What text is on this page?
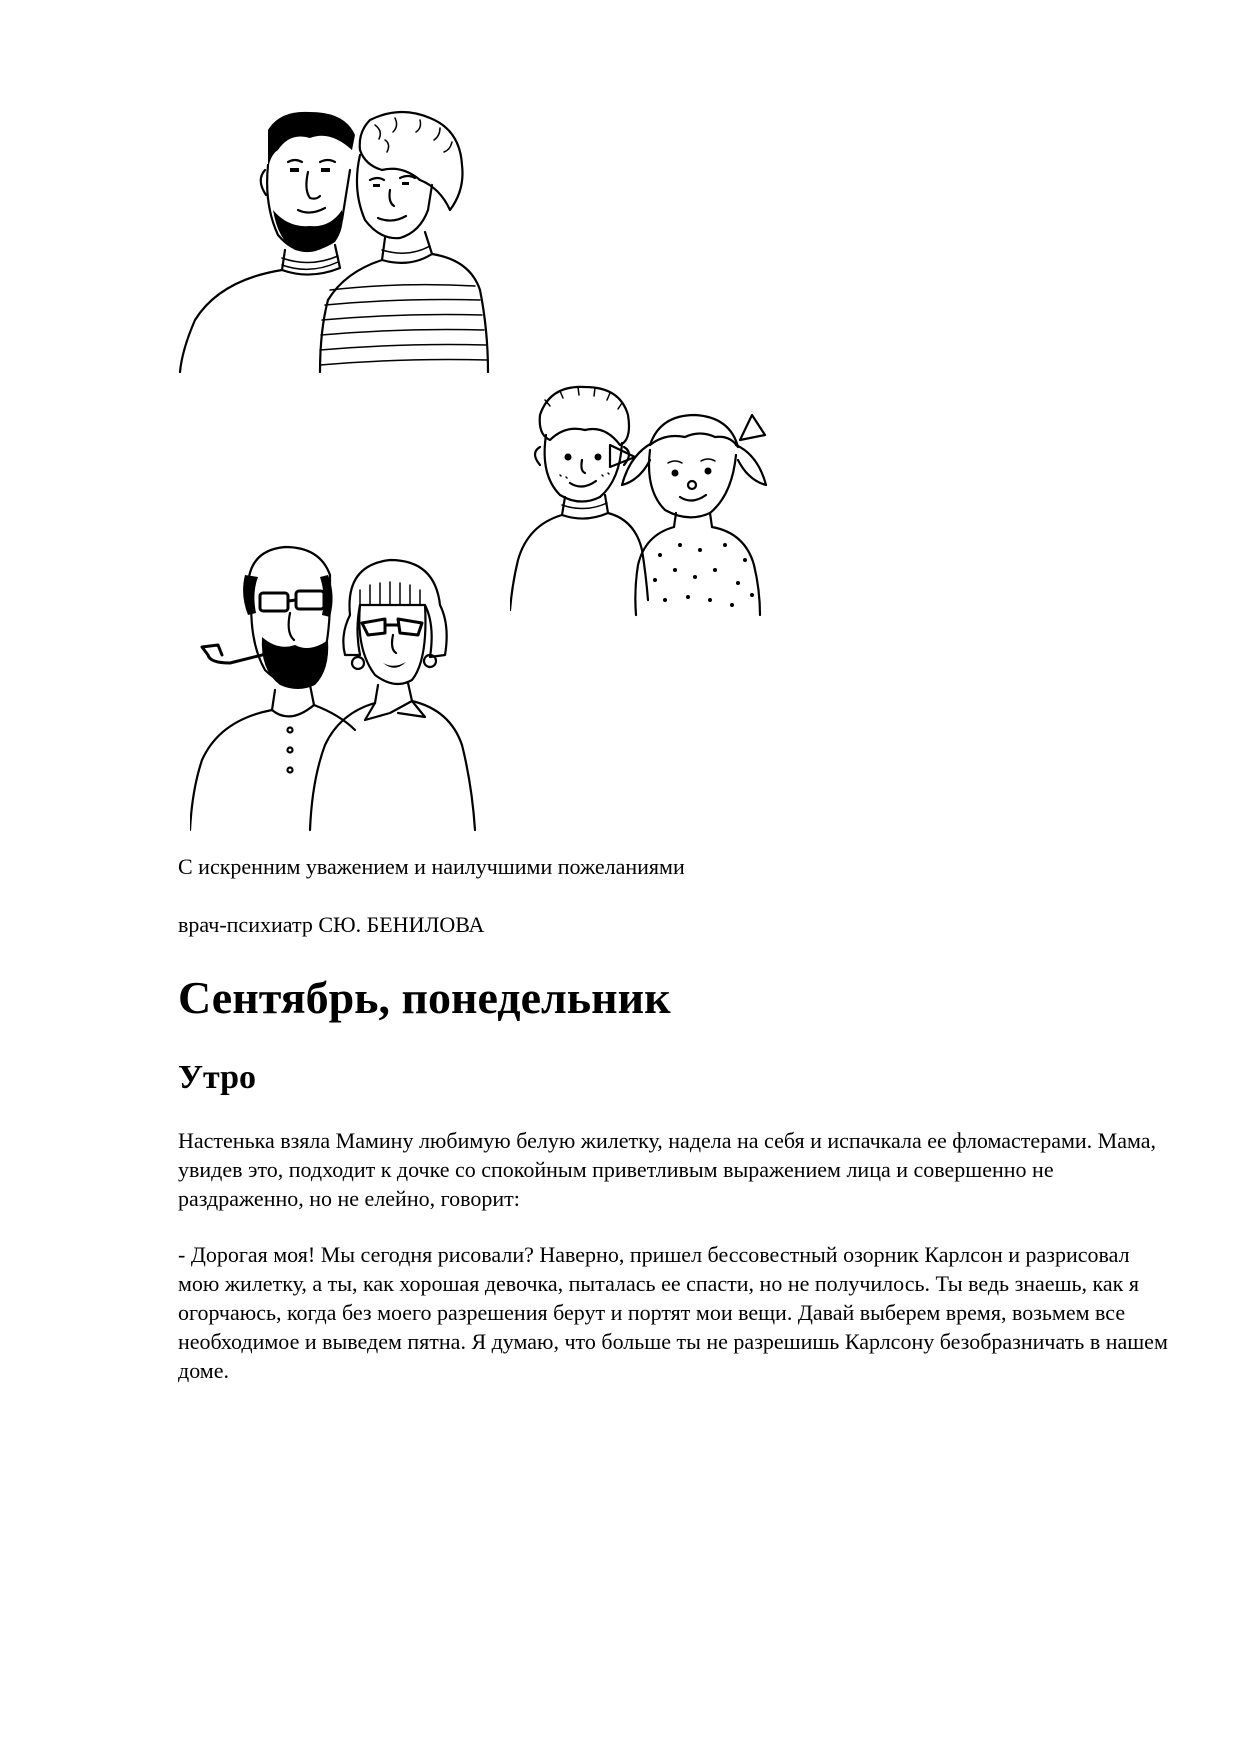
С искренним уважением и наилучшими пожеланиями
врач-психиатр СЮ. БЕНИЛОВА
Сентябрь, понедельник
Утро

Настенька взяла Мамину любимую белую жилетку, надела на себя и испачкала ее фломастерами. Мама, увидев это, подходит к дочке со спокойным приветливым выражением лица и совершенно не раздраженно, но не елейно, говорит:

- Дорогая моя! Мы сегодня рисовали? Наверно, пришел бессовестный озорник Карлсон и разрисовал мою жилетку, а ты, как хорошая девочка, пыталась ее спасти, но не получилось. Ты ведь знаешь, как я огорчаюсь, когда без моего разрешения берут и портят мои вещи. Давай выберем время, возьмем все необходимое и выведем пятна. Я думаю, что больше ты не разрешишь Карлсону безобразничать в нашем доме.
